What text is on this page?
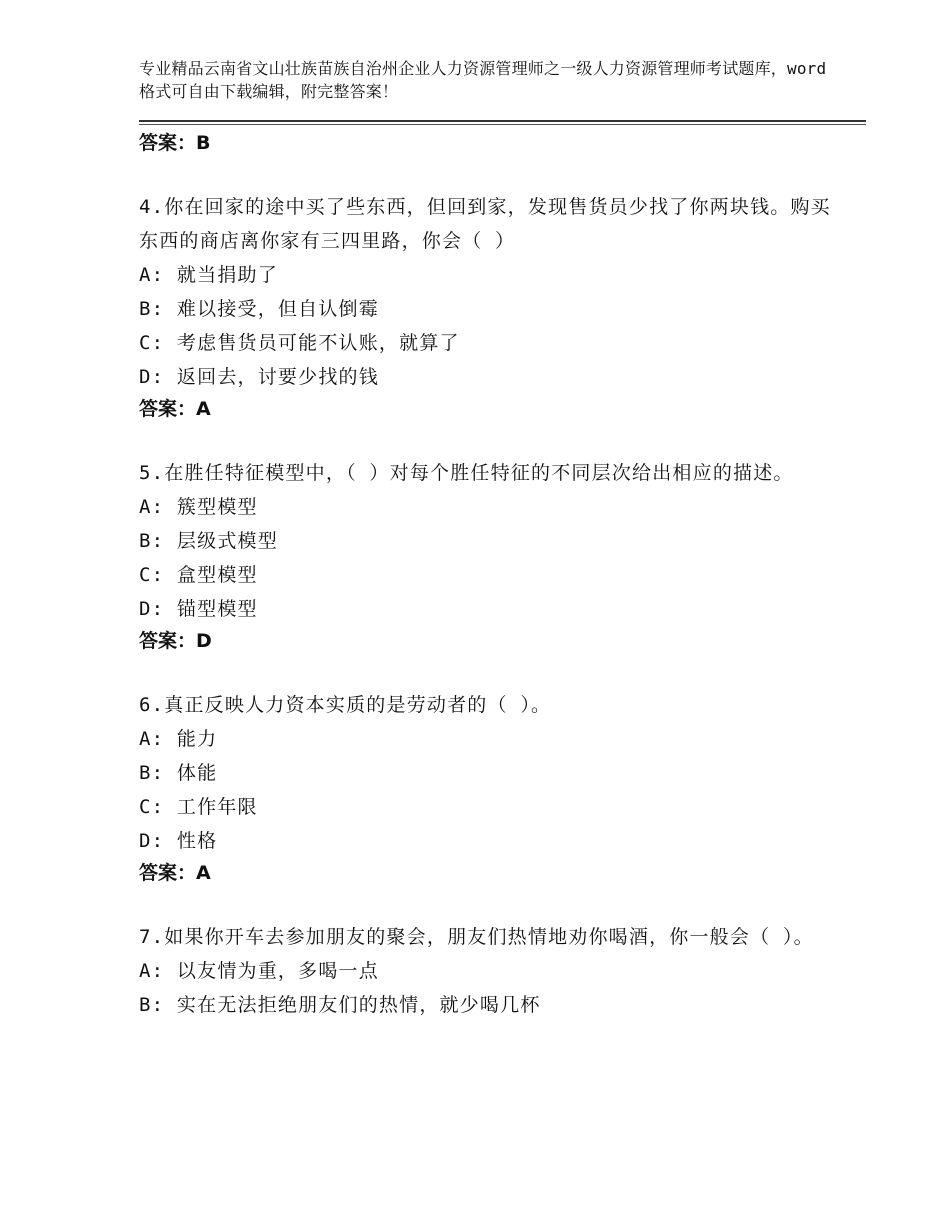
专业精品云南省文山壮族苗族自治州企业人力资源管理师之一级人力资源管理师考试题库，word格式可自由下载编辑，附完整答案！
答案：B
4.你在回家的途中买了些东西，但回到家，发现售货员少找了你两块钱。购买东西的商店离你家有三四里路，你会（ ）
A: 就当捐助了
B: 难以接受，但自认倒霉
C: 考虑售货员可能不认账，就算了
D: 返回去，讨要少找的钱
答案：A
5.在胜任特征模型中，（ ）对每个胜任特征的不同层次给出相应的描述。
A: 簇型模型
B: 层级式模型
C: 盒型模型
D: 锚型模型
答案：D
6.真正反映人力资本实质的是劳动者的（ ）。
A: 能力
B: 体能
C: 工作年限
D: 性格
答案：A
7.如果你开车去参加朋友的聚会，朋友们热情地劝你喝酒，你一般会（ ）。
A: 以友情为重，多喝一点
B: 实在无法拒绝朋友们的热情，就少喝几杯
